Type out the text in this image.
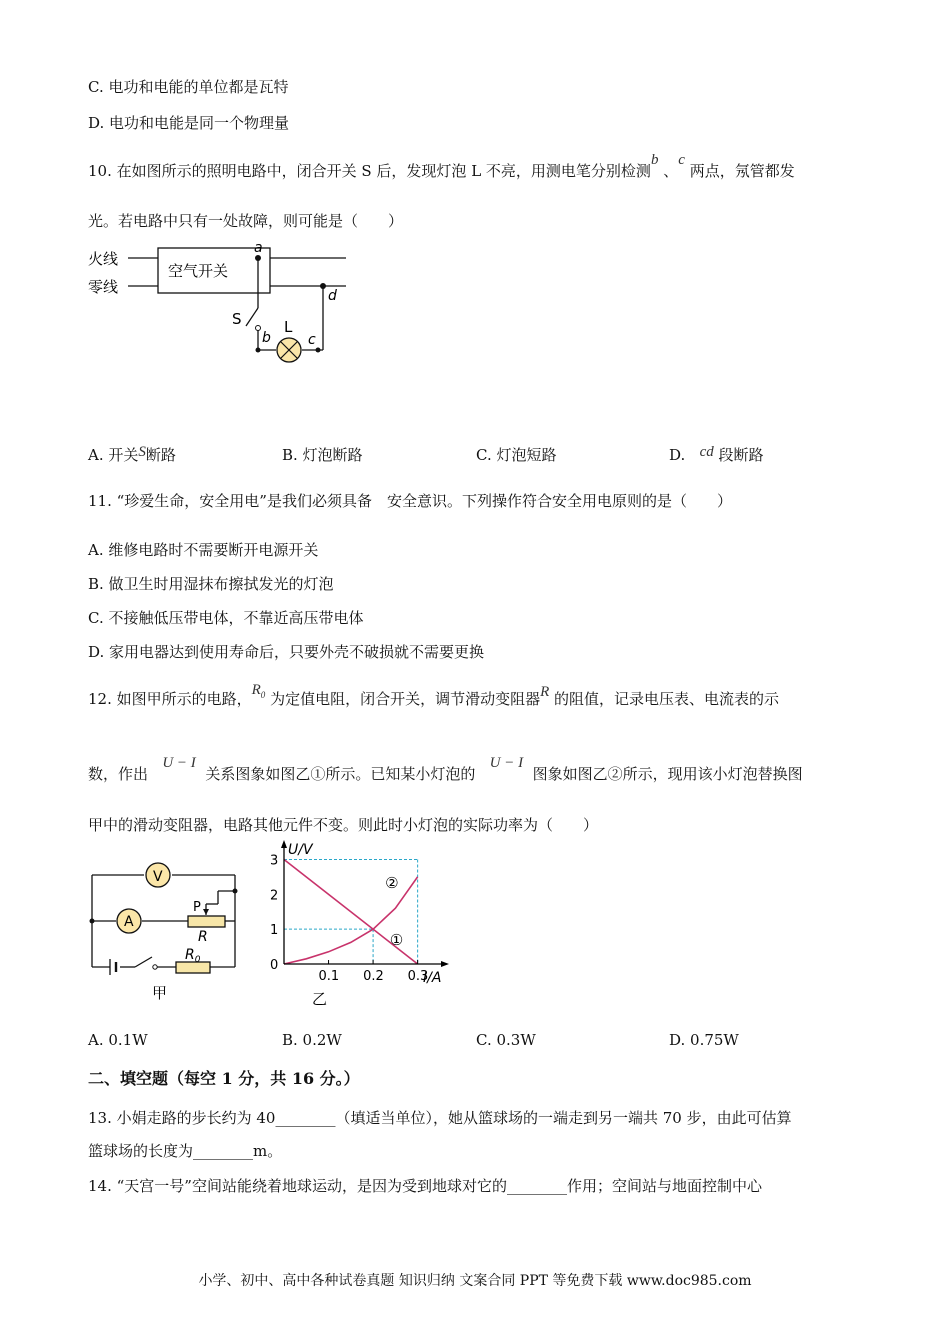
C. 电功和电能的单位都是瓦特
D. 电功和电能是同一个物理量
10. 在如图所示的照明电路中，闭合开关 S 后，发现灯泡 L 不亮，用测电笔分别检测b 、c 两点，氖管都发
光。若电路中只有一处故障，则可能是（　　）
火线
零线
空气开关
a
d
b	c
S	L
A. 开关S断路	B. 灯泡断路	C. 灯泡短路	D. cd 段断路
11. “珍爱生命，安全用电”是我们必须具备　安全意识。下列操作符合安全用电原则的是（　　）
A. 维修电路时不需要断开电源开关
B. 做卫生时用湿抹布擦拭发光的灯泡
C. 不接触低压带电体，不靠近高压带电体
D. 家用电器达到使用寿命后，只要外壳不破损就不需要更换
12. 如图甲所示的电路，$R_0$ 为定值电阻，闭合开关，调节滑动变阻器R 的阻值，记录电压表、电流表的示
数，作出   U − I  关系图象如图乙①所示。已知某小灯泡的   U − I  图象如图乙②所示，现用该小灯泡替换图
甲中的滑动变阻器，电路其他元件不变。则此时小灯泡的实际功率为（　　）
V
A
P
R
$R_0$
甲
0.1 0.2 0.3
0
1
2
3
U/V
I/A
①
②
乙
A. 0.1W	B. 0.2W	C. 0.3W	D. 0.75W
二、填空题（每空 1 分，共 16 分。）
13. 小娟走路的步长约为 40________（填适当单位），她从篮球场的一端走到另一端共 70 步，由此可估算
篮球场的长度为________m。
14. “天宫一号”空间站能绕着地球运动，是因为受到地球对它的________作用；空间站与地面控制中心
小学、初中、高中各种试卷真题 知识归纳 文案合同 PPT 等免费下载 www.doc985.com
